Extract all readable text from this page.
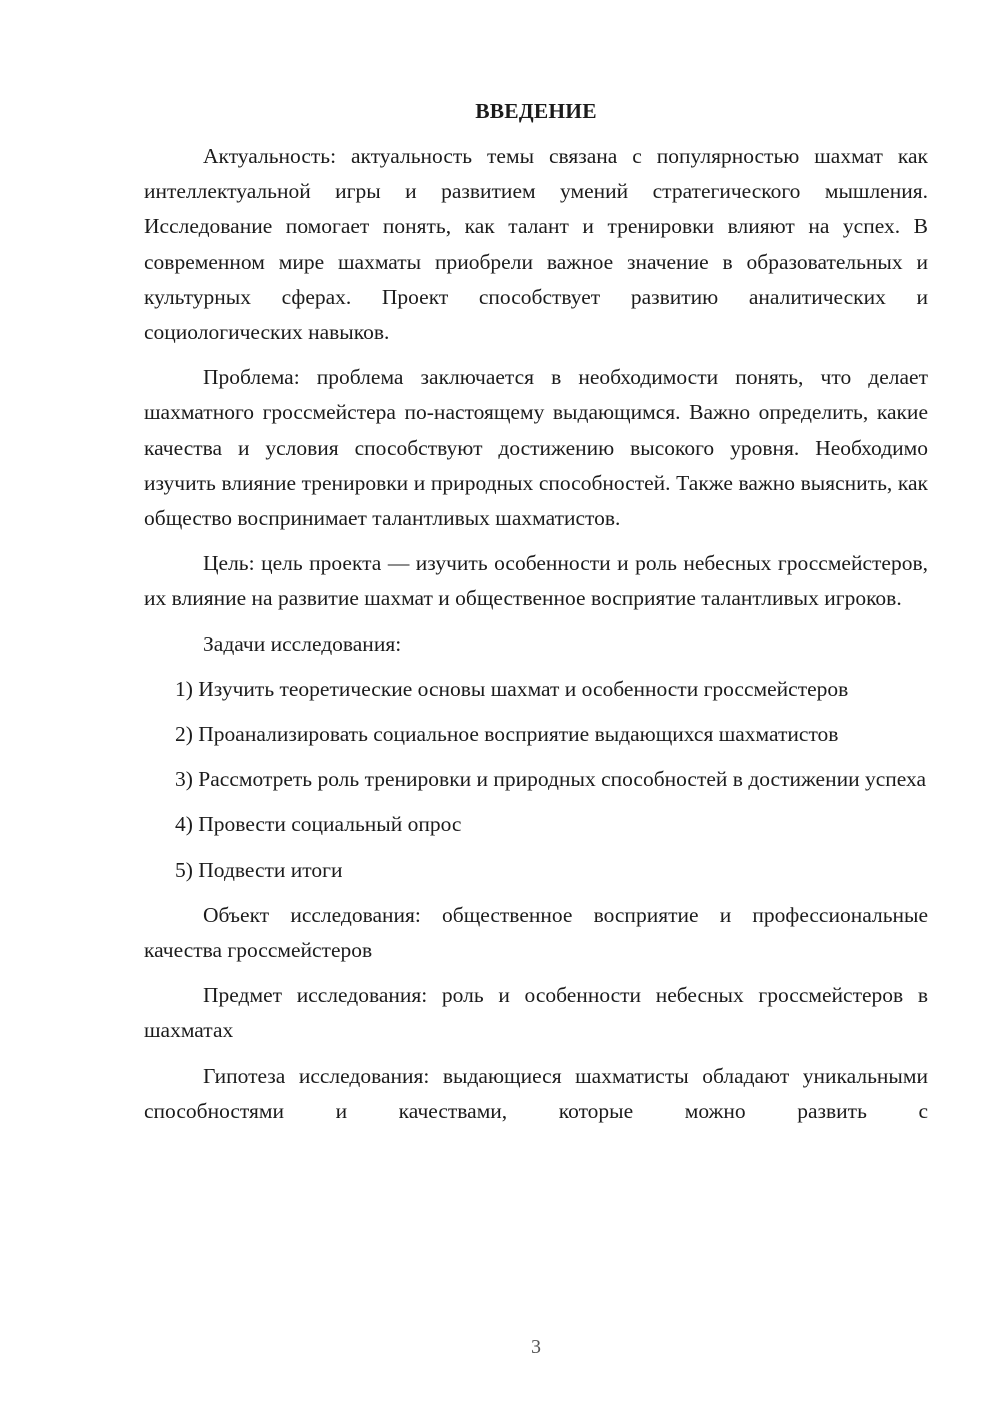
ВВЕДЕНИЕ

Актуальность: актуальность темы связана с популярностью шахмат как интеллектуальной игры и развитием умений стратегического мышления. Исследование помогает понять, как талант и тренировки влияют на успех. В современном мире шахматы приобрели важное значение в образовательных и культурных сферах. Проект способствует развитию аналитических и социологических навыков.

Проблема: проблема заключается в необходимости понять, что делает шахматного гроссмейстера по-настоящему выдающимся. Важно определить, какие качества и условия способствуют достижению высокого уровня. Необходимо изучить влияние тренировки и природных способностей. Также важно выяснить, как общество воспринимает талантливых шахматистов.

Цель: цель проекта — изучить особенности и роль небесных гроссмейстеров, их влияние на развитие шахмат и общественное восприятие талантливых игроков.

Задачи исследования:

1) Изучить теоретические основы шахмат и особенности гроссмейстеров

2) Проанализировать социальное восприятие выдающихся шахматистов

3) Рассмотреть роль тренировки и природных способностей в достижении успеха

4) Провести социальный опрос

5) Подвести итоги

Объект исследования: общественное восприятие и профессиональные качества гроссмейстеров

Предмет исследования: роль и особенности небесных гроссмейстеров в шахматах

Гипотеза исследования: выдающиеся шахматисты обладают уникальными способностями и качествами, которые можно развить с

3
